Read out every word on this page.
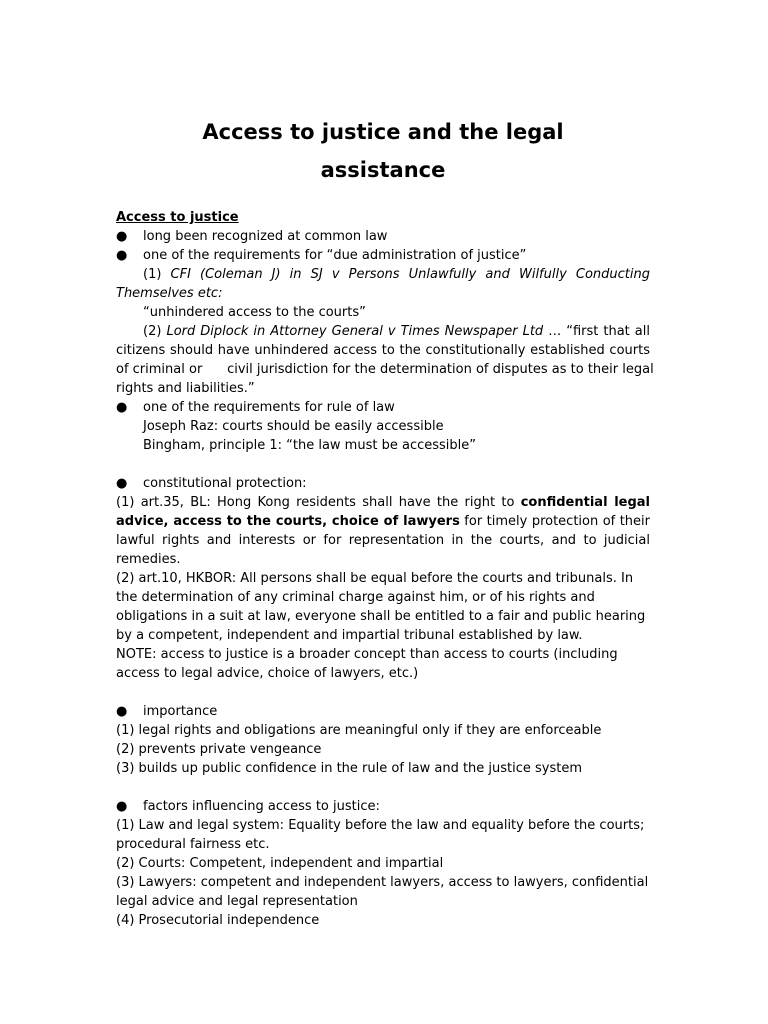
Access to justice and the legal
assistance
Access to justice
● long been recognized at common law
● one of the requirements for “due administration of justice”
(1) CFI (Coleman J) in SJ v Persons Unlawfully and Wilfully Conducting
Themselves etc:
“unhindered access to the courts”
(2) Lord Diplock in Attorney General v Times Newspaper Ltd … “first that all
citizens should have unhindered access to the constitutionally established courts
of criminal or      civil jurisdiction for the determination of disputes as to their legal
rights and liabilities.”
● one of the requirements for rule of law
Joseph Raz: courts should be easily accessible
Bingham, principle 1: “the law must be accessible”
● constitutional protection:
(1) art.35, BL: Hong Kong residents shall have the right to confidential legal
advice, access to the courts, choice of lawyers for timely protection of their
lawful rights and interests or for representation in the courts, and to judicial
remedies.
(2) art.10, HKBOR: All persons shall be equal before the courts and tribunals. In
the determination of any criminal charge against him, or of his rights and
obligations in a suit at law, everyone shall be entitled to a fair and public hearing
by a competent, independent and impartial tribunal established by law.
NOTE: access to justice is a broader concept than access to courts (including
access to legal advice, choice of lawyers, etc.)
● importance
(1) legal rights and obligations are meaningful only if they are enforceable
(2) prevents private vengeance
(3) builds up public confidence in the rule of law and the justice system
● factors influencing access to justice:
(1) Law and legal system: Equality before the law and equality before the courts;
procedural fairness etc.
(2) Courts: Competent, independent and impartial
(3) Lawyers: competent and independent lawyers, access to lawyers, confidential
legal advice and legal representation
(4) Prosecutorial independence
